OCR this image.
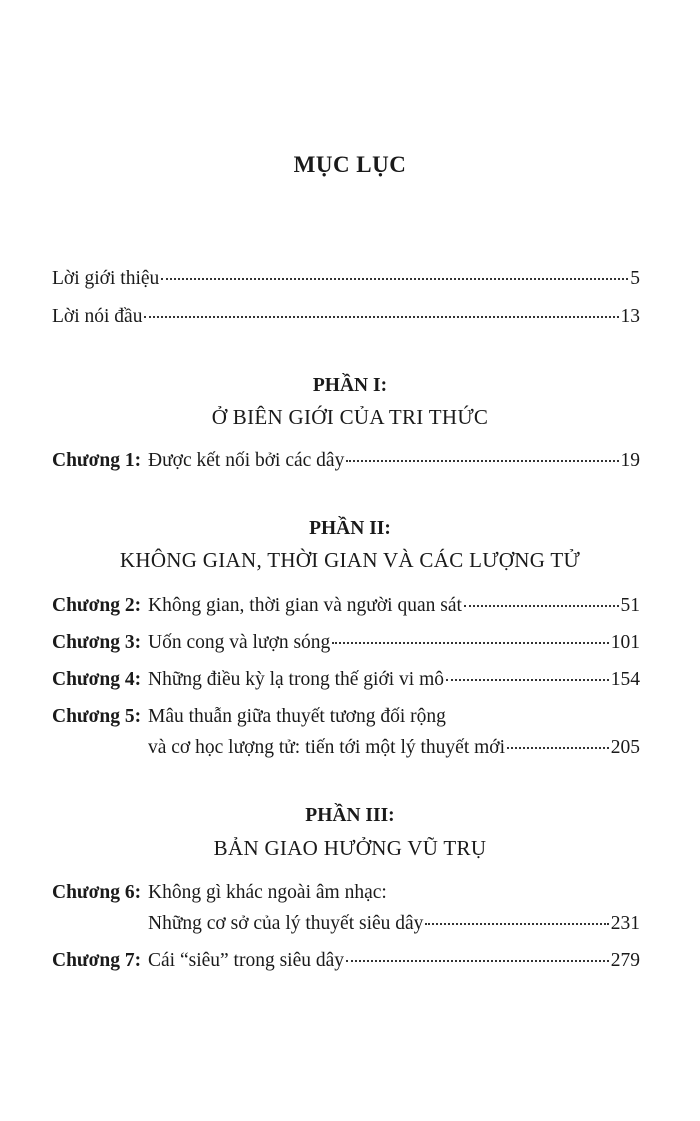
MỤC LỤC
Lời giới thiệu	5
Lời nói đầu	13
PHẦN I:
Ở BIÊN GIỚI CỦA TRI THỨC
Chương 1: Được kết nối bởi các dây	19
PHẦN II:
KHÔNG GIAN, THỜI GIAN VÀ CÁC LƯỢNG TỬ
Chương 2: Không gian, thời gian và người quan sát	51
Chương 3: Uốn cong và lượn sóng	101
Chương 4: Những điều kỳ lạ trong thế giới vi mô	154
Chương 5: Mâu thuẫn giữa thuyết tương đối rộng
và cơ học lượng tử: tiến tới một lý thuyết mới	205
PHẦN III:
BẢN GIAO HƯỞNG VŨ TRỤ
Chương 6: Không gì khác ngoài âm nhạc:
Những cơ sở của lý thuyết siêu dây	231
Chương 7: Cái “siêu” trong siêu dây	279
